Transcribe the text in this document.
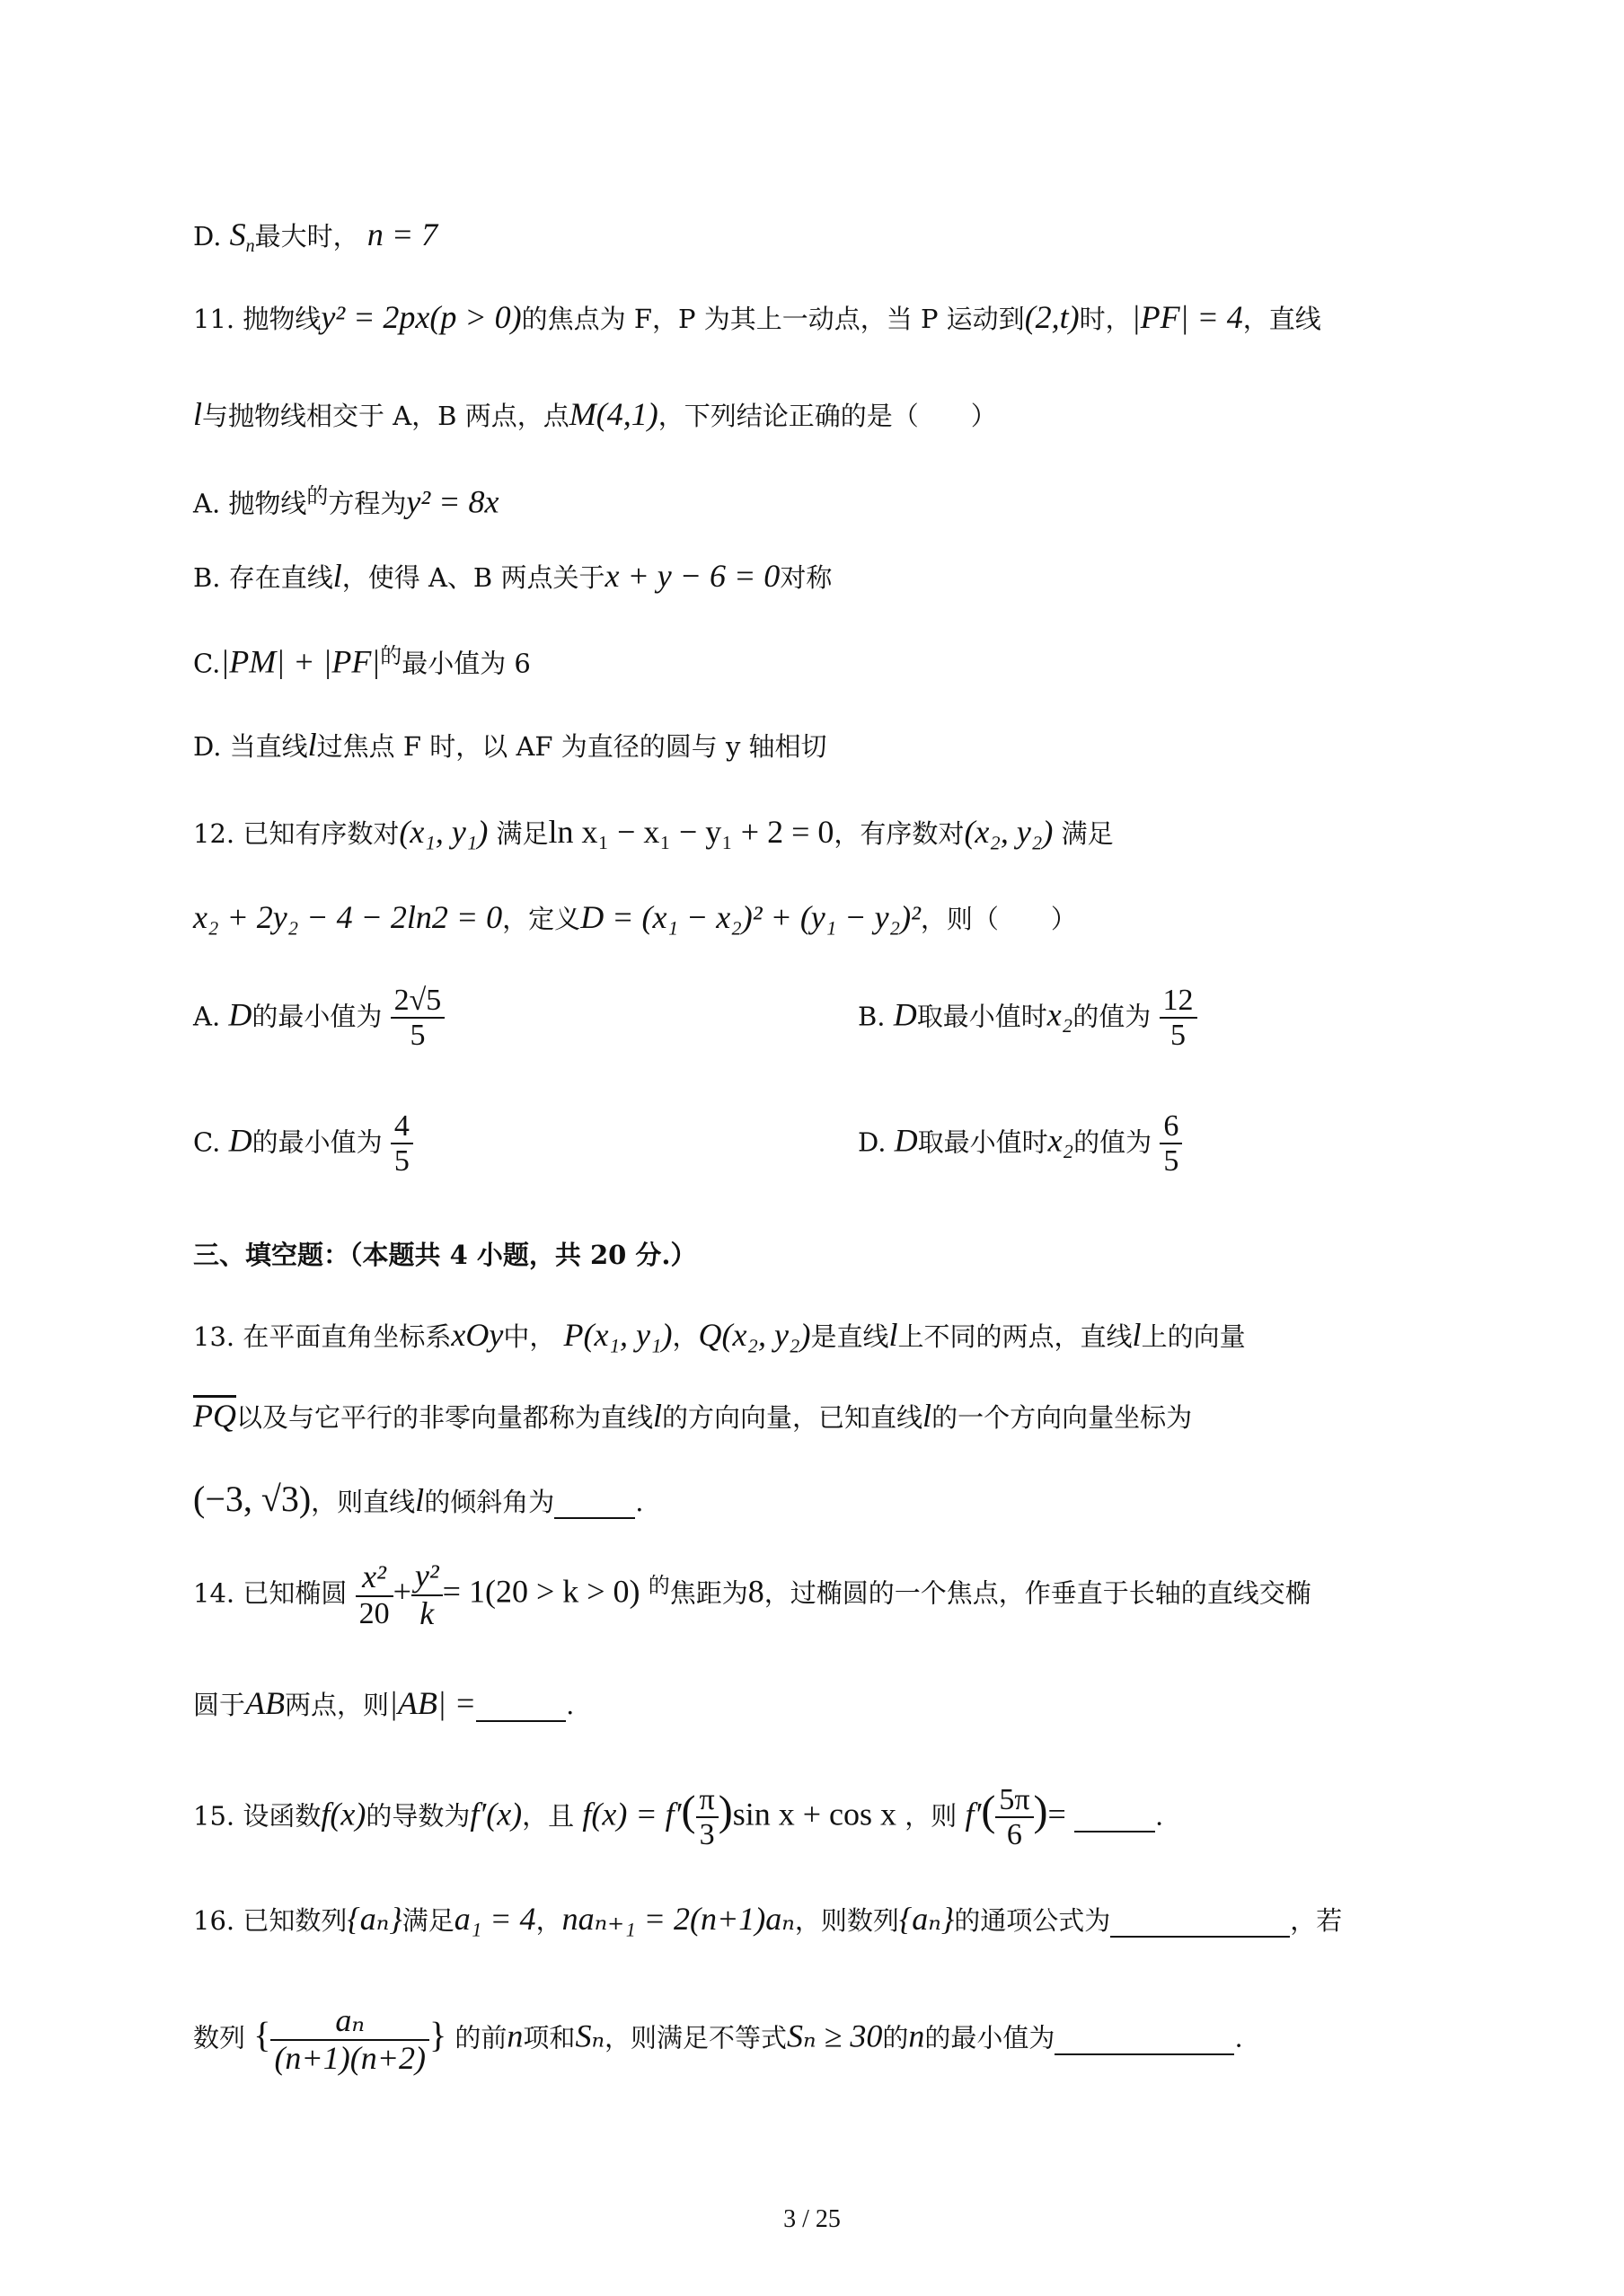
D. $S_n$最大时， n = 7
11. 抛物线y² = 2px(p > 0)的焦点为 F，P 为其上一动点，当 P 运动到(2,t)时，|PF| = 4，直线
l与抛物线相交于 A，B 两点，点M(4,1)，下列结论正确的是（　　）
A. 抛物线$^的$方程为y² = 8x
B. 存在直线l，使得 A、B 两点关于x + y − 6 = 0对称
$C.|PM| + |PF|^的$最小值为 6
D. 当直线l过焦点 F 时，以 AF 为直径的圆与 y 轴相切
12. 已知有序数对(x₁, y₁) 满足ln x₁ − x₁ − y₁ + 2 = 0，有序数对(x₂, y₂) 满足
x₂ + 2y₂ − 4 − 2ln2 = 0，定义D = (x₁ − x₂)² + (y₁ − y₂)²，则（　　）
A. D的最小值为 $\frac{2√5}{5}$	B. D取最小值时x₂的值为 $\frac{12}{5}$
C. D的最小值为 $\frac{4}{5}$	D. D取最小值时x₂的值为 $\frac{6}{5}$
三、填空题：（本题共 4 小题，共 20 分.）
13. 在平面直角坐标系xOy中， P(x₁, y₁)，Q(x₂, y₂)是直线l上不同的两点，直线l上的向量
$\overline{PQ}$以及与它平行的非零向量都称为直线l的方向向量，已知直线l的一个方向向量坐标为
(−3, √3)，则直线l的倾斜角为	.
14. 已知椭圆 $\frac{\text{x²}}{20} + \frac{\text{y²}}{k} = 1(20 > k > 0)$ $^的$焦距为8，过椭圆的一个焦点，作垂直于长轴的直线交椭
圆于AB两点，则|AB| =	.
15. 设函数f(x)的导数为f′(x)，且 $f(x) = f'( \frac{\pi}{3} )\sin$ x + cos x ，则 $f'( \frac{5\pi}{6}$ )=	.
16. 已知数列{aₙ}满足a₁ = 4，naₙ₊₁ = 2(n+1)aₙ，则数列{aₙ}的通项公式为	，若
数列 { $\frac{\text{aₙ}}{(n+1)(n+2)}$ } 的前n项和Sₙ，则满足不等式Sₙ ≥ 30的n的最小值为	.
3 / 25
